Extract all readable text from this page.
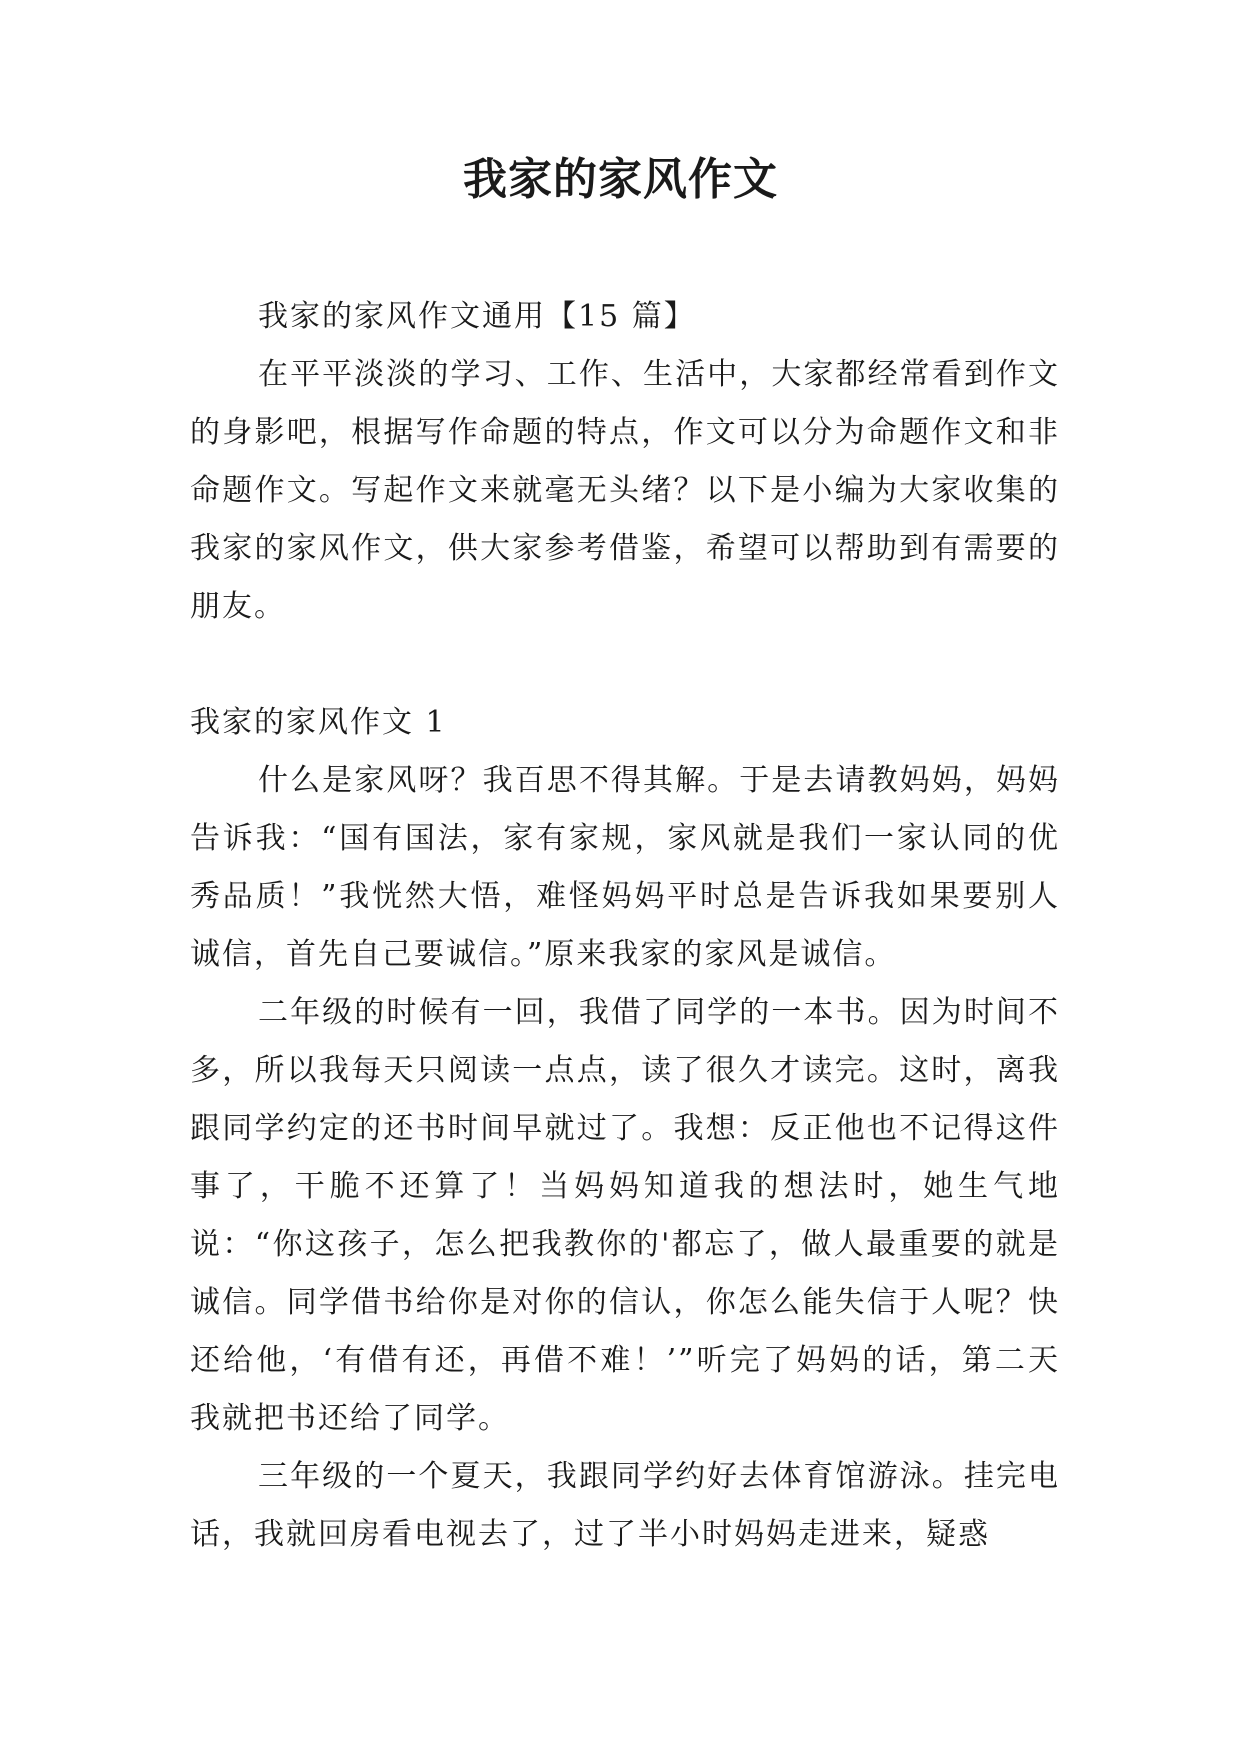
我家的家风作文

我家的家风作文通用【15 篇】

在平平淡淡的学习、工作、生活中，大家都经常看到作文的身影吧，根据写作命题的特点，作文可以分为命题作文和非命题作文。写起作文来就毫无头绪？以下是小编为大家收集的我家的家风作文，供大家参考借鉴，希望可以帮助到有需要的朋友。

我家的家风作文 1

什么是家风呀？我百思不得其解。于是去请教妈妈，妈妈告诉我：“国有国法，家有家规，家风就是我们一家认同的优秀品质！”我恍然大悟，难怪妈妈平时总是告诉我如果要别人诚信，首先自己要诚信。”原来我家的家风是诚信。

二年级的时候有一回，我借了同学的一本书。因为时间不多，所以我每天只阅读一点点，读了很久才读完。这时，离我跟同学约定的还书时间早就过了。我想：反正他也不记得这件事了，干脆不还算了！当妈妈知道我的想法时，她生气地说：“你这孩子，怎么把我教你的'都忘了，做人最重要的就是诚信。同学借书给你是对你的信认，你怎么能失信于人呢？快还给他，‘有借有还，再借不难！’”听完了妈妈的话，第二天我就把书还给了同学。

三年级的一个夏天，我跟同学约好去体育馆游泳。挂完电话，我就回房看电视去了，过了半小时妈妈走进来，疑惑
